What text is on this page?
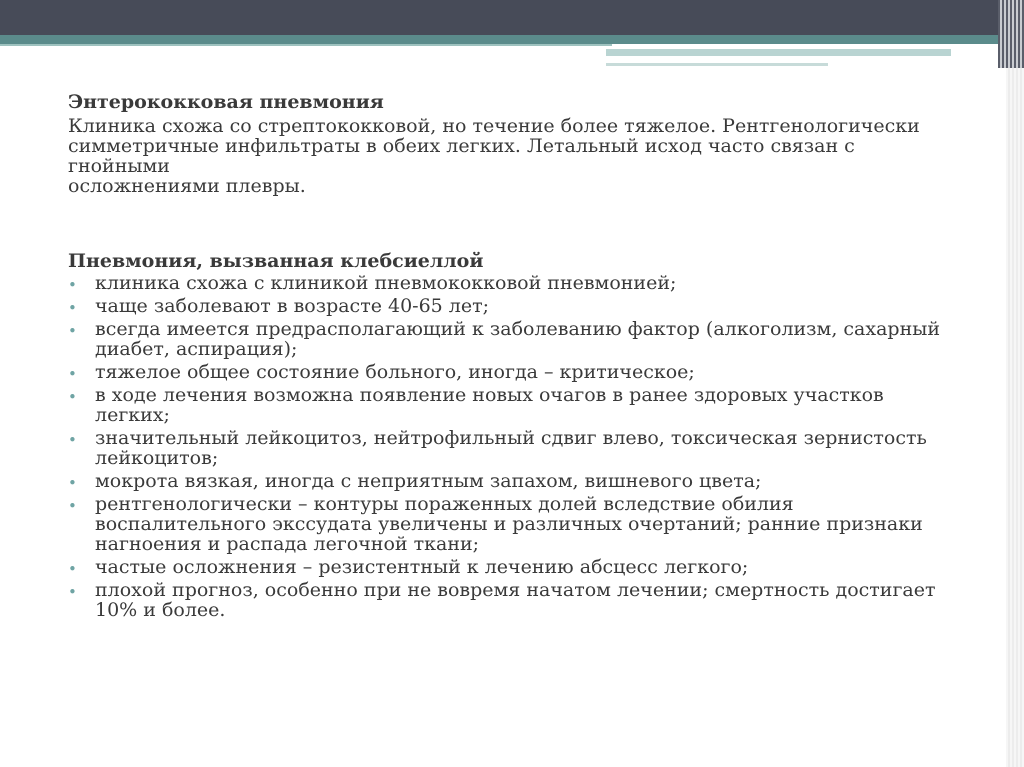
Энтерококковая пневмония

Клиника схожа со стрептококковой, но течение более тяжелое. Рентгенологически
симметричные инфильтраты в обеих легких. Летальный исход часто связан с гнойными
осложнениями плевры.

Пневмония, вызванная клебсиеллой
• клиника схожа с клиникой пневмококковой пневмонией;
• чаще заболевают в возрасте 40-65 лет;
• всегда имеется предрасполагающий к заболеванию фактор (алкоголизм, сахарный диабет, аспирация);
• тяжелое общее состояние больного, иногда – критическое;
• в ходе лечения возможна появление новых очагов в ранее здоровых участков легких;
• значительный лейкоцитоз, нейтрофильный сдвиг влево, токсическая зернистость лейкоцитов;
• мокрота вязкая, иногда с неприятным запахом, вишневого цвета;
• рентгенологически – контуры пораженных долей вследствие обилия воспалительного экссудата увеличены и различных очертаний; ранние признаки нагноения и распада легочной ткани;
• частые осложнения – резистентный к лечению абсцесс легкого;
• плохой прогноз, особенно при не вовремя начатом лечении; смертность достигает 10% и более.
